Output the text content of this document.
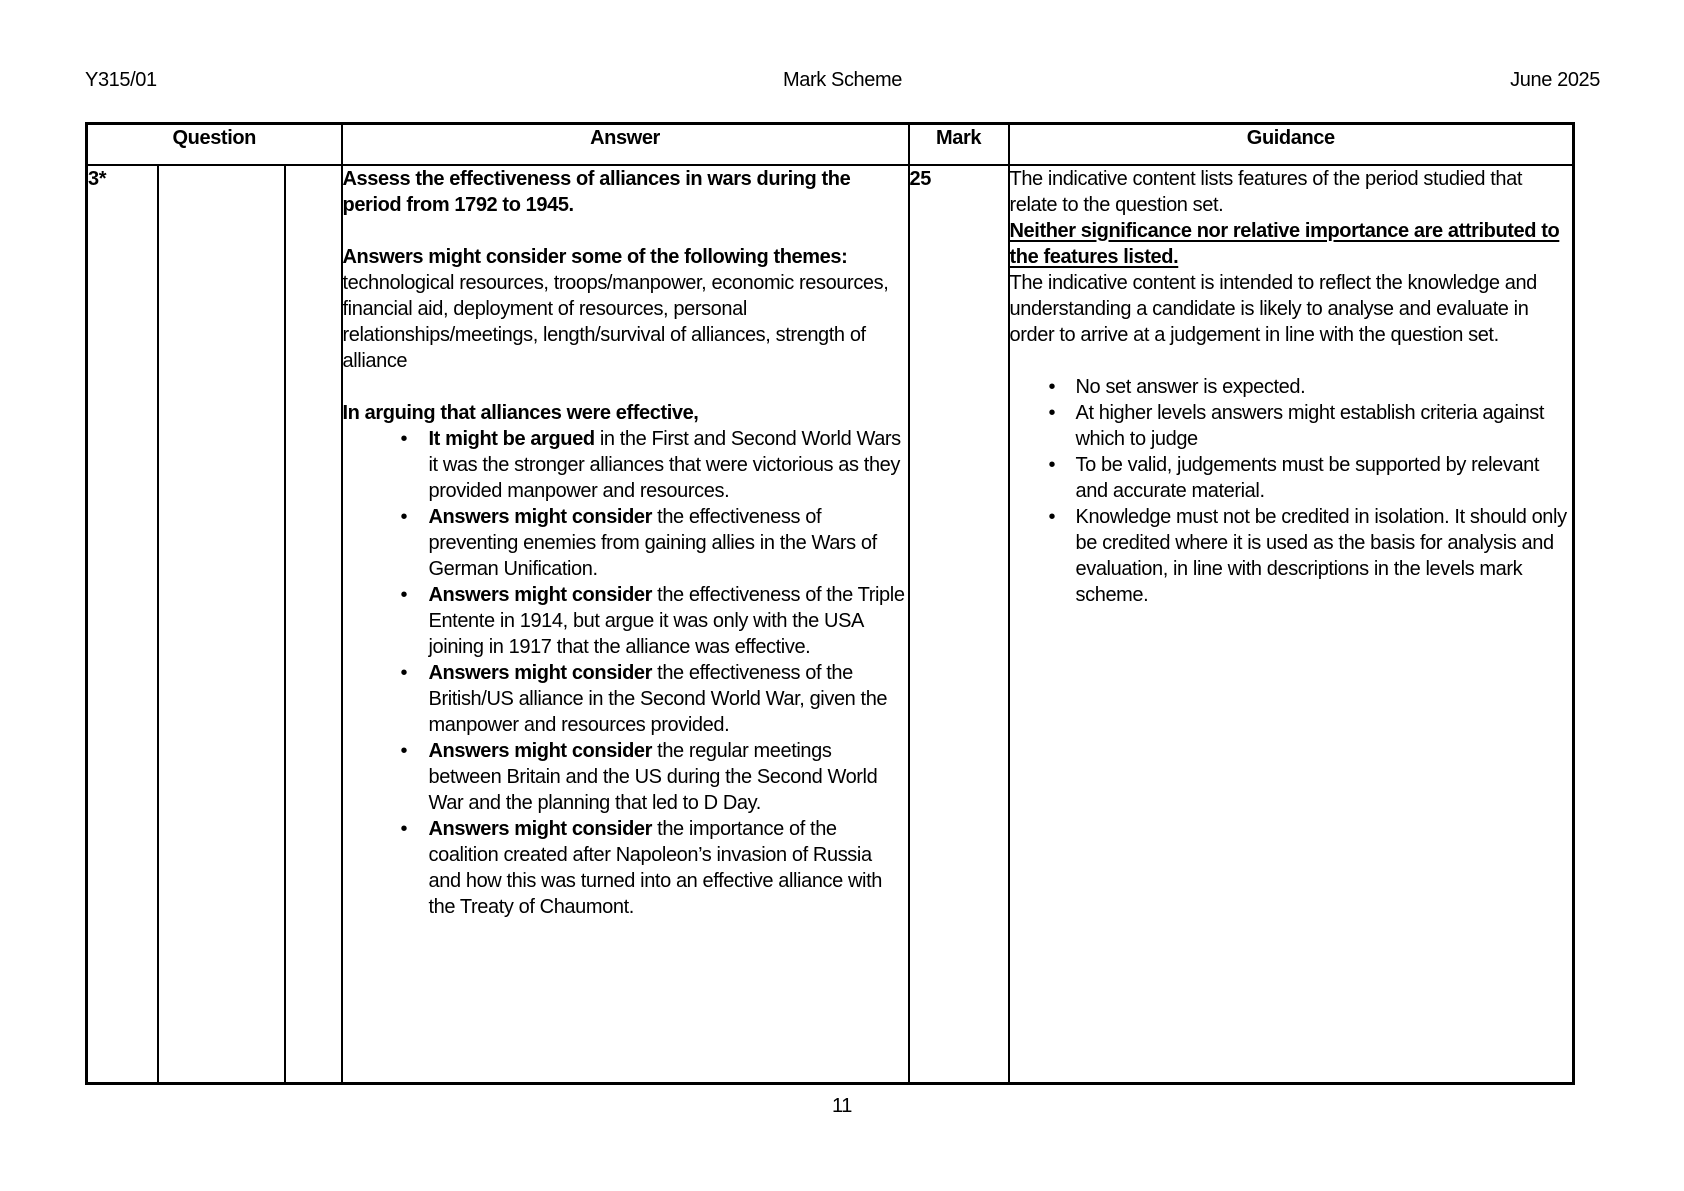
Y315/01	Mark Scheme	June 2025
Question			Answer	Mark	Guidance
3*			Assess the effectiveness of alliances in wars during the period from 1792 to 1945.

Answers might consider some of the following themes: technological resources, troops/manpower, economic resources, financial aid, deployment of resources, personal relationships/meetings, length/survival of alliances, strength of alliance

In arguing that alliances were effective,

• It might be argued in the First and Second World Wars it was the stronger alliances that were victorious as they provided manpower and resources.
• Answers might consider the effectiveness of preventing enemies from gaining allies in the Wars of German Unification.
• Answers might consider the effectiveness of the Triple Entente in 1914, but argue it was only with the USA joining in 1917 that the alliance was effective.
• Answers might consider the effectiveness of the British/US alliance in the Second World War, given the manpower and resources provided.
• Answers might consider the regular meetings between Britain and the US during the Second World War and the planning that led to D Day.
• Answers might consider the importance of the coalition created after Napoleon’s invasion of Russia and how this was turned into an effective alliance with the Treaty of Chaumont.
	25	The indicative content lists features of the period studied that relate to the question set.

Neither significance nor relative importance are attributed to the features listed.

The indicative content is intended to reflect the knowledge and understanding a candidate is likely to analyse and evaluate in order to arrive at a judgement in line with the question set.

• No set answer is expected.
• At higher levels answers might establish criteria against which to judge
• To be valid, judgements must be supported by relevant and accurate material.
• Knowledge must not be credited in isolation. It should only be credited where it is used as the basis for analysis and evaluation, in line with descriptions in the levels mark scheme.
11
